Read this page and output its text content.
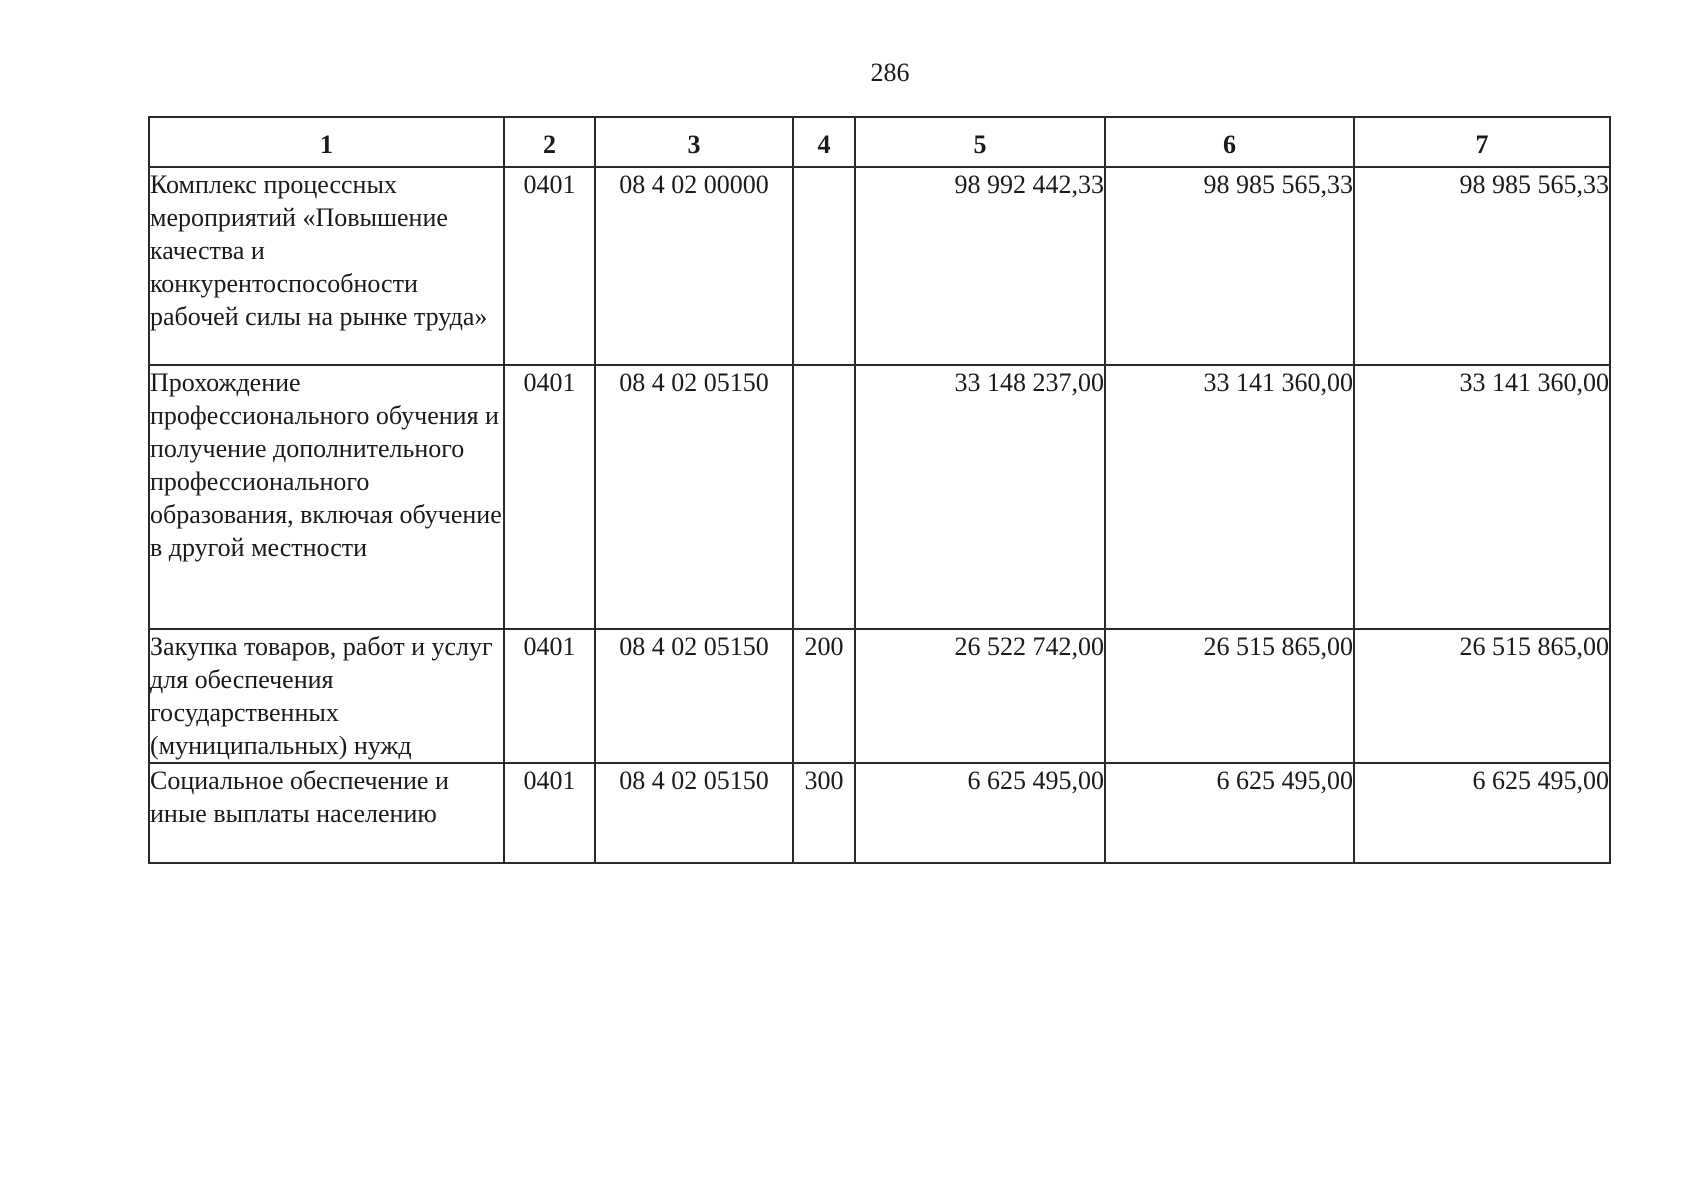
286
1	2	3	4	5	6	7
Комплекс процессных мероприятий «Повышение качества и конкурентоспособности рабочей силы на рынке труда»	0401	08 4 02 00000		98 992 442,33	98 985 565,33	98 985 565,33
Прохождение профессионального обучения и получение дополнительного профессионального образования, включая обучение в другой местности	0401	08 4 02 05150		33 148 237,00	33 141 360,00	33 141 360,00
Закупка товаров, работ и услуг для обеспечения государственных (муниципальных) нужд	0401	08 4 02 05150	200	26 522 742,00	26 515 865,00	26 515 865,00
Социальное обеспечение и иные выплаты населению	0401	08 4 02 05150	300	6 625 495,00	6 625 495,00	6 625 495,00
